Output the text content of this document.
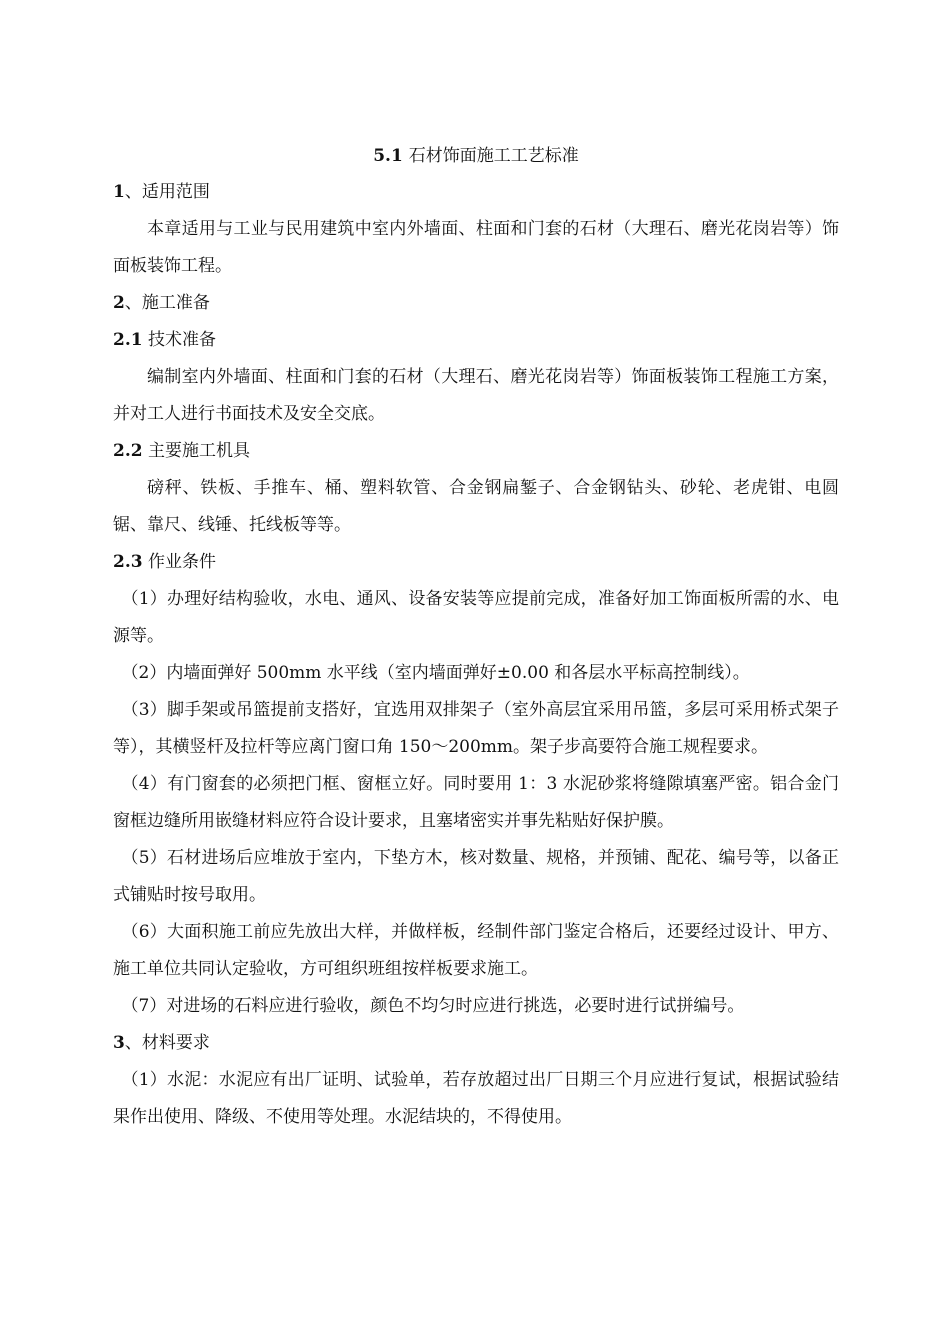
5.1 石材饰面施工工艺标准

1、适用范围

本章适用与工业与民用建筑中室内外墙面、柱面和门套的石材（大理石、磨光花岗岩等）饰面板装饰工程。

2、施工准备

2.1 技术准备

编制室内外墙面、柱面和门套的石材（大理石、磨光花岗岩等）饰面板装饰工程施工方案，并对工人进行书面技术及安全交底。

2.2 主要施工机具

磅秤、铁板、手推车、桶、塑料软管、合金钢扁錾子、合金钢钻头、砂轮、老虎钳、电圆锯、靠尺、线锤、托线板等等。

2.3 作业条件

（1）办理好结构验收，水电、通风、设备安装等应提前完成，准备好加工饰面板所需的水、电源等。

（2）内墙面弹好 500mm 水平线（室内墙面弹好±0.00 和各层水平标高控制线）。

（3）脚手架或吊篮提前支搭好，宜选用双排架子（室外高层宜采用吊篮，多层可采用桥式架子等），其横竖杆及拉杆等应离门窗口角 150～200mm。架子步高要符合施工规程要求。

（4）有门窗套的必须把门框、窗框立好。同时要用 1：3 水泥砂浆将缝隙填塞严密。铝合金门窗框边缝所用嵌缝材料应符合设计要求，且塞堵密实并事先粘贴好保护膜。

（5）石材进场后应堆放于室内，下垫方木，核对数量、规格，并预铺、配花、编号等，以备正式铺贴时按号取用。

（6）大面积施工前应先放出大样，并做样板，经制件部门鉴定合格后，还要经过设计、甲方、施工单位共同认定验收，方可组织班组按样板要求施工。

（7）对进场的石料应进行验收，颜色不均匀时应进行挑选，必要时进行试拼编号。

3、材料要求

（1）水泥：水泥应有出厂证明、试验单，若存放超过出厂日期三个月应进行复试，根据试验结果作出使用、降级、不使用等处理。水泥结块的，不得使用。
